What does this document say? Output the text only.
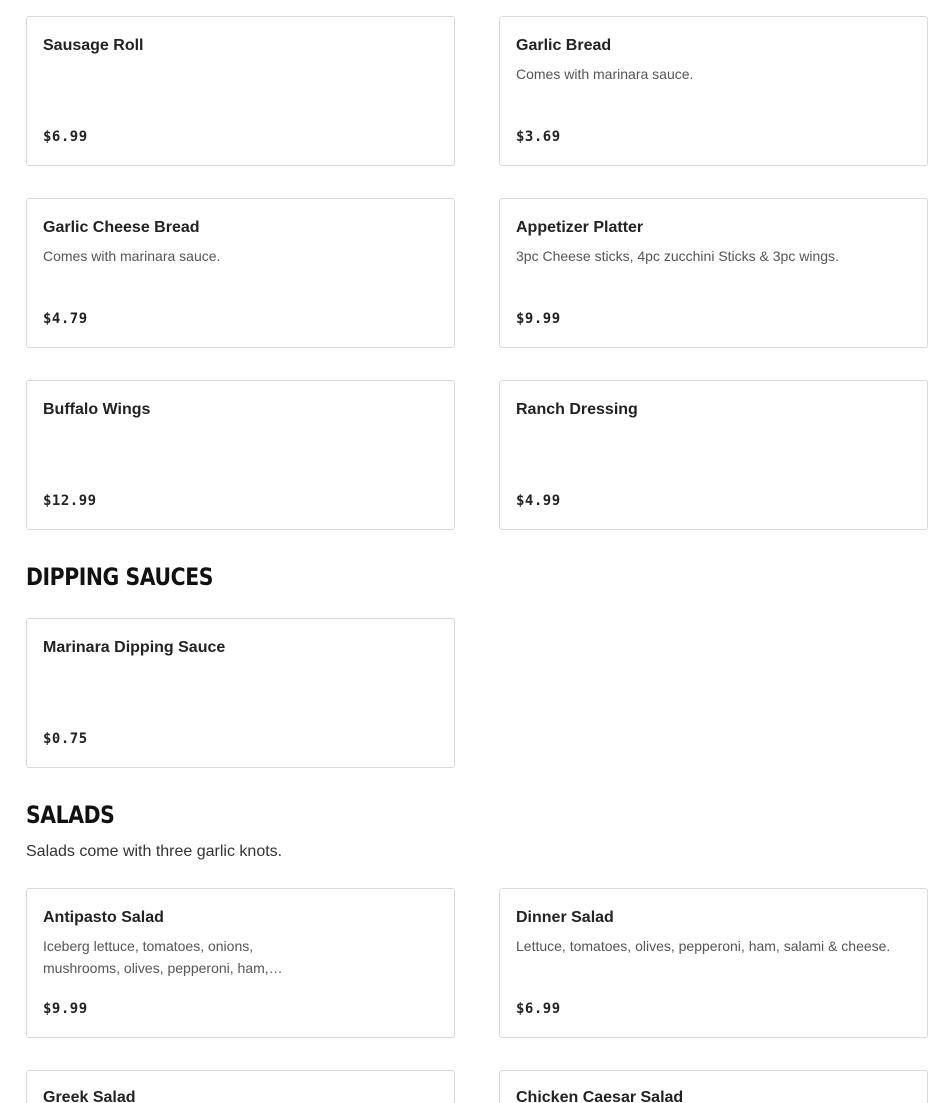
Sausage Roll
$6.99
Garlic Bread
Comes with marinara sauce.
$3.69
Garlic Cheese Bread
Comes with marinara sauce.
$4.79
Appetizer Platter
3pc Cheese sticks, 4pc zucchini Sticks & 3pc wings.
$9.99
Buffalo Wings
$12.99
Ranch Dressing
$4.99
DIPPING SAUCES
Marinara Dipping Sauce
$0.75
SALADS
Salads come with three garlic knots.
Antipasto Salad
Iceberg lettuce, tomatoes, onions, mushrooms, olives, pepperoni, ham,…
$9.99
Dinner Salad
Lettuce, tomatoes, olives, pepperoni, ham, salami & cheese.
$6.99
Greek Salad	Chicken Caesar Salad
